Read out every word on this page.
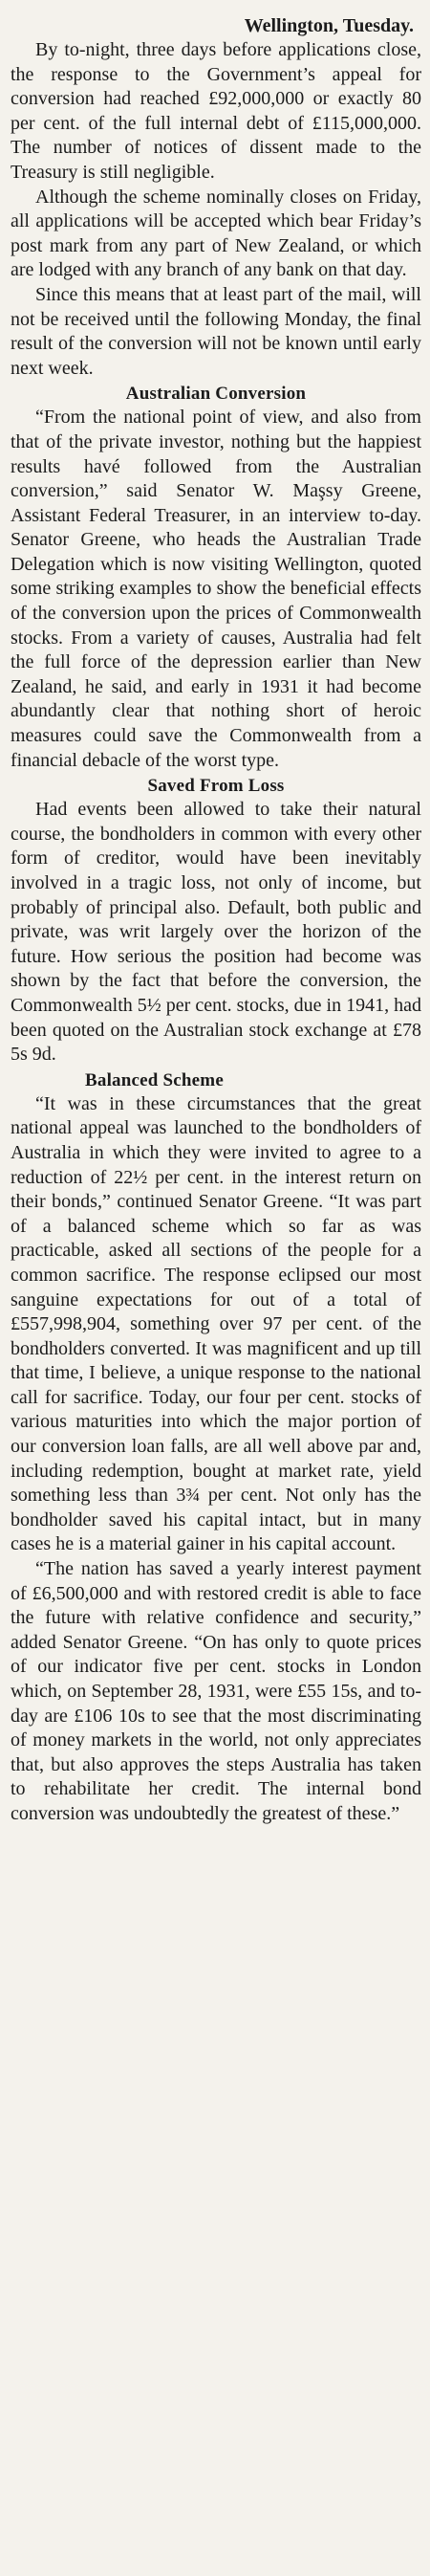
Wellington, Tuesday.

By to-night, three days before applications close, the response to the Government’s appeal for conversion had reached £92,000,000 or exactly 80 per cent. of the full internal debt of £115,000,000. The number of notices of dissent made to the Treasury is still negligible.

Although the scheme nominally closes on Friday, all applications will be accepted which bear Friday’s post mark from any part of New Zealand, or which are lodged with any branch of any bank on that day.

Since this means that at least part of the mail, will not be received until the following Monday, the final result of the conversion will not be known until early next week.

Australian Conversion

“From the national point of view, and also from that of the private investor, nothing but the happiest results havé followed from the Australian conversion,” said Senator W. Maşsy Greene, Assistant Federal Treasurer, in an interview to-day. Senator Greene, who heads the Australian Trade Delegation which is now visiting Wellington, quoted some striking examples to show the beneficial effects of the conversion upon the prices of Commonwealth stocks. From a variety of causes, Australia had felt the full force of the depression earlier than New Zealand, he said, and early in 1931 it had become abundantly clear that nothing short of heroic measures could save the Commonwealth from a financial debacle of the worst type.

Saved From Loss

Had events been allowed to take their natural course, the bondholders in common with every other form of creditor, would have been inevitably involved in a tragic loss, not only of income, but probably of principal also. Default, both public and private, was writ largely over the horizon of the future. How serious the position had become was shown by the fact that before the conversion, the Commonwealth 5½ per cent. stocks, due in 1941, had been quoted on the Australian stock exchange at £78 5s 9d.

Balanced Scheme

“It was in these circumstances that the great national appeal was launched to the bondholders of Australia in which they were invited to agree to a reduction of 22½ per cent. in the interest return on their bonds,” continued Senator Greene. “It was part of a balanced scheme which so far as was practicable, asked all sections of the people for a common sacrifice. The response eclipsed our most sanguine expectations for out of a total of £557,998,904, something over 97 per cent. of the bondholders converted. It was magnificent and up till that time, I believe, a unique response to the national call for sacrifice. Today, our four per cent. stocks of various maturities into which the major portion of our conversion loan falls, are all well above par and, including redemption, bought at market rate, yield something less than 3¾ per cent. Not only has the bondholder saved his capital intact, but in many cases he is a material gainer in his capital account.

“The nation has saved a yearly interest payment of £6,500,000 and with restored credit is able to face the future with relative confidence and security,” added Senator Greene. “On has only to quote prices of our indicator five per cent. stocks in London which, on September 28, 1931, were £55 15s, and to-day are £106 10s to see that the most discriminating of money markets in the world, not only appreciates that, but also approves the steps Australia has taken to rehabilitate her credit. The internal bond conversion was undoubtedly the greatest of these.”
